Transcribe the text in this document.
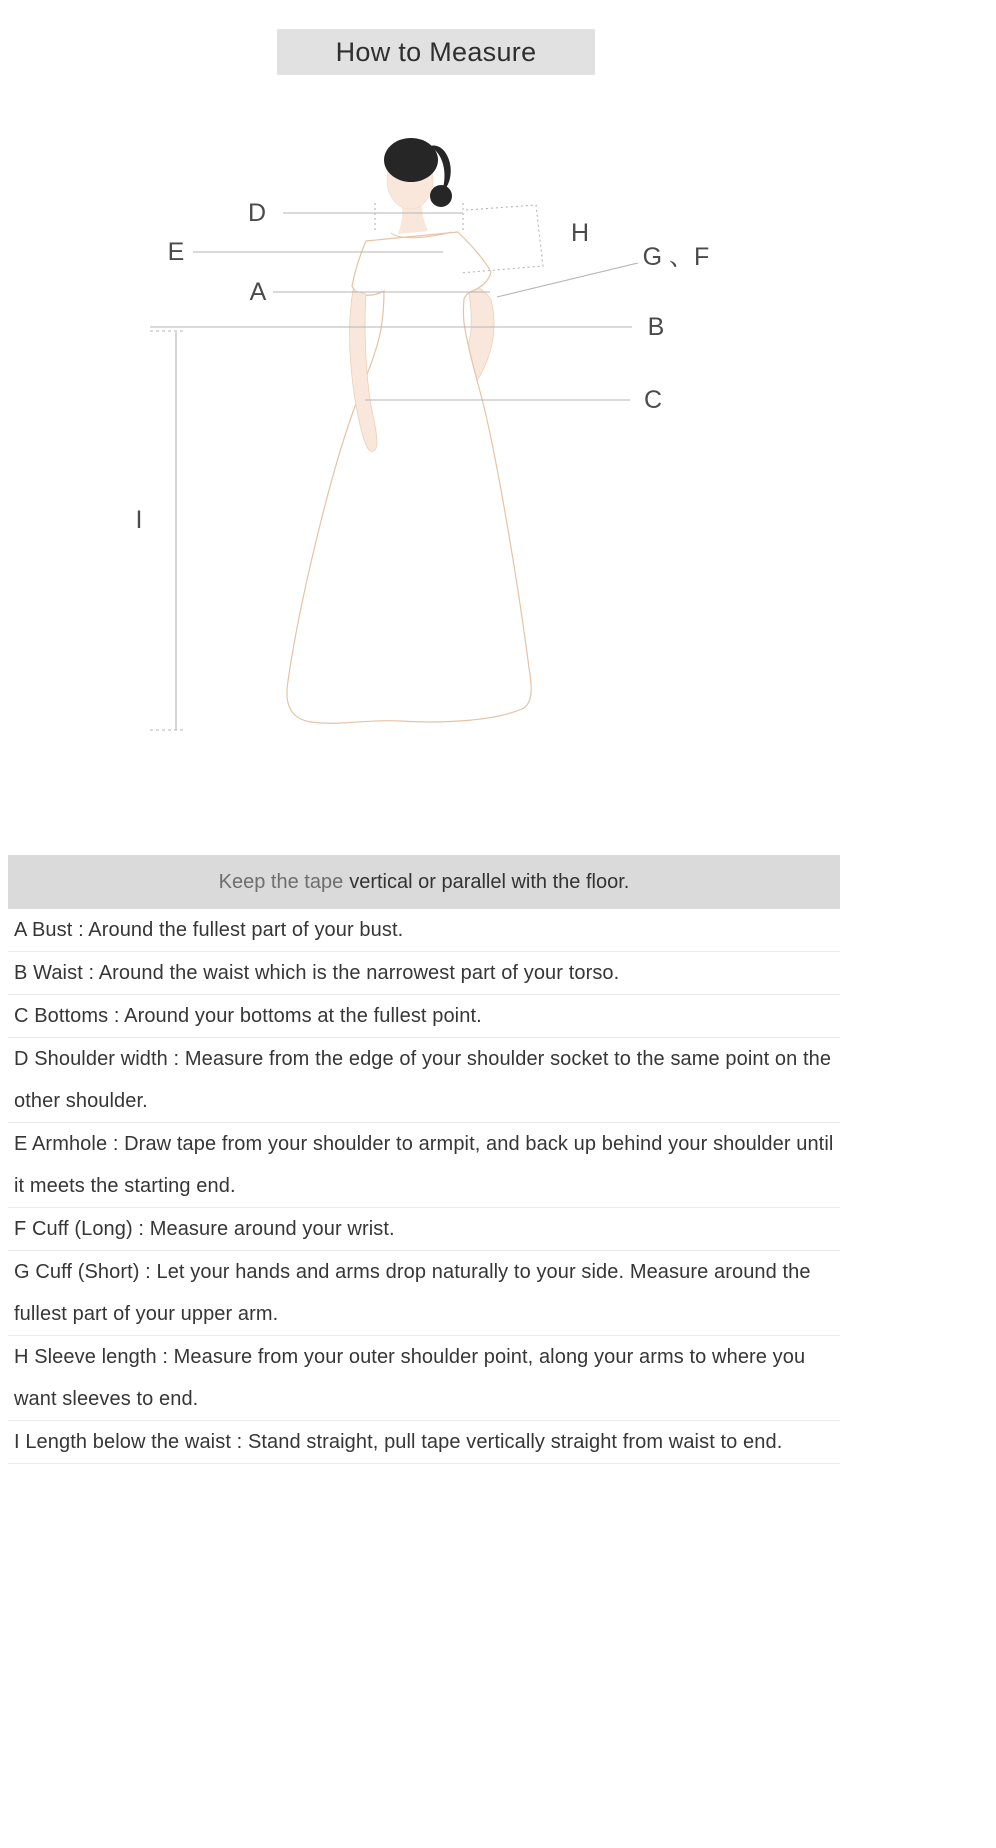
How to Measure
D
E
A
H
G 、F
B
C
I
Keep the tape vertical or parallel with the floor.
A Bust : Around the fullest part of your bust.
B Waist : Around the waist which is the narrowest part of your torso.
C Bottoms : Around your bottoms at the fullest point.
D Shoulder width : Measure from the edge of your shoulder socket to the same point on the other shoulder.
E Armhole : Draw tape from your shoulder to armpit, and back up behind your shoulder until it meets the starting end.
F Cuff (Long) : Measure around your wrist.
G Cuff (Short) : Let your hands and arms drop naturally to your side. Measure around the fullest part of your upper arm.
H Sleeve length : Measure from your outer shoulder point, along your arms to where you want sleeves to end.
I Length below the waist : Stand straight, pull tape vertically straight from waist to end.
